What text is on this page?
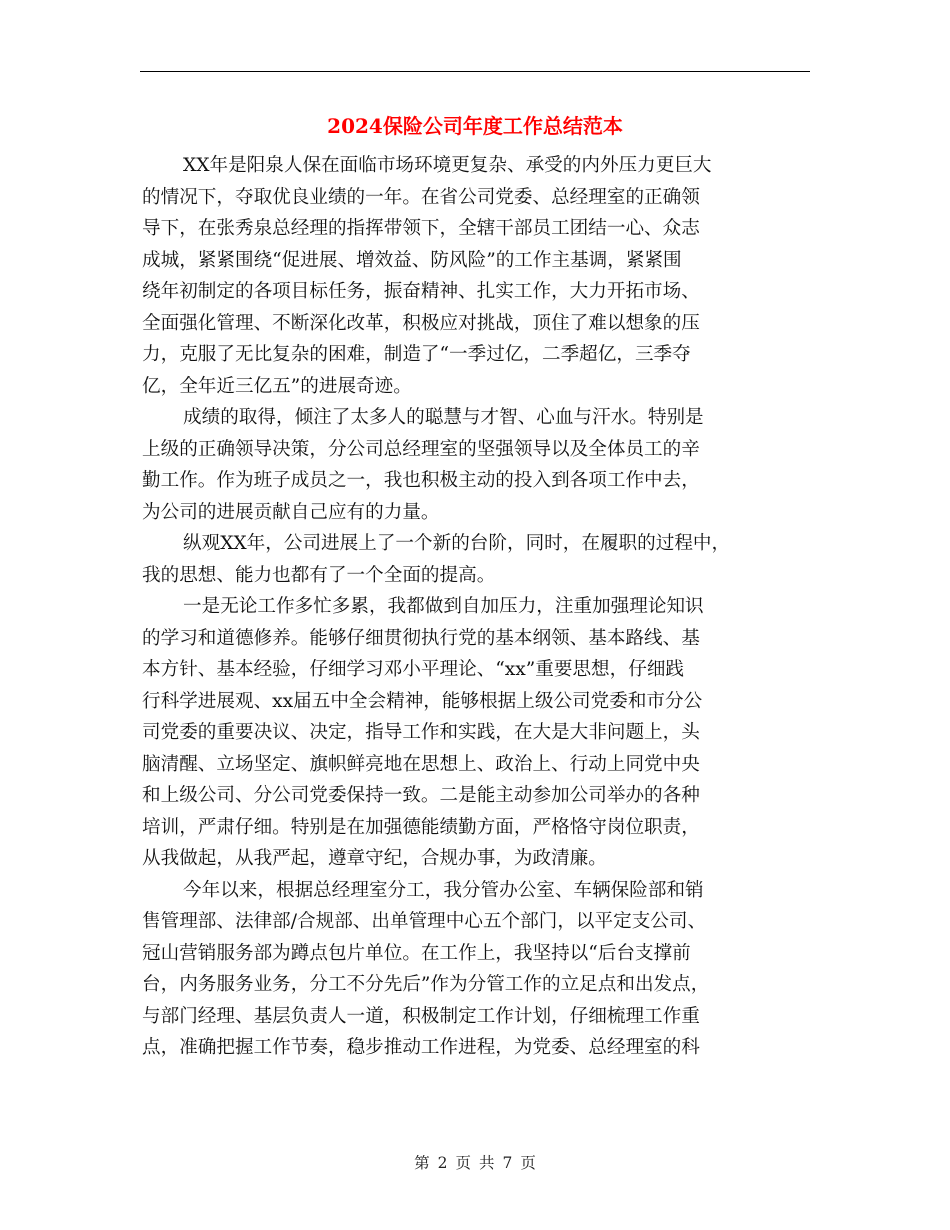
2024保险公司年度工作总结范本

XX年是阳泉人保在面临市场环境更复杂、承受的内外压力更巨大
的情况下，夺取优良业绩的一年。在省公司党委、总经理室的正确领
导下，在张秀泉总经理的指挥带领下，全辖干部员工团结一心、众志
成城，紧紧围绕“促进展、增效益、防风险”的工作主基调，紧紧围
绕年初制定的各项目标任务，振奋精神、扎实工作，大力开拓市场、
全面强化管理、不断深化改革，积极应对挑战，顶住了难以想象的压
力，克服了无比复杂的困难，制造了“一季过亿，二季超亿，三季夺
亿，全年近三亿五”的进展奇迹。

成绩的取得，倾注了太多人的聪慧与才智、心血与汗水。特别是
上级的正确领导决策，分公司总经理室的坚强领导以及全体员工的辛
勤工作。作为班子成员之一，我也积极主动的投入到各项工作中去，
为公司的进展贡献自己应有的力量。

纵观XX年，公司进展上了一个新的台阶，同时，在履职的过程中，
我的思想、能力也都有了一个全面的提高。

一是无论工作多忙多累，我都做到自加压力，注重加强理论知识
的学习和道德修养。能够仔细贯彻执行党的基本纲领、基本路线、基
本方针、基本经验，仔细学习邓小平理论、“xx”重要思想，仔细践
行科学进展观、xx届五中全会精神，能够根据上级公司党委和市分公
司党委的重要决议、决定，指导工作和实践，在大是大非问题上，头
脑清醒、立场坚定、旗帜鲜亮地在思想上、政治上、行动上同党中央
和上级公司、分公司党委保持一致。二是能主动参加公司举办的各种
培训，严肃仔细。特别是在加强德能绩勤方面，严格恪守岗位职责，
从我做起，从我严起，遵章守纪，合规办事，为政清廉。

今年以来，根据总经理室分工，我分管办公室、车辆保险部和销
售管理部、法律部/合规部、出单管理中心五个部门，以平定支公司、
冠山营销服务部为蹲点包片单位。在工作上，我坚持以“后台支撑前
台，内务服务业务，分工不分先后”作为分管工作的立足点和出发点，
与部门经理、基层负责人一道，积极制定工作计划，仔细梳理工作重
点，准确把握工作节奏，稳步推动工作进程，为党委、总经理室的科

第 2 页 共 7 页
